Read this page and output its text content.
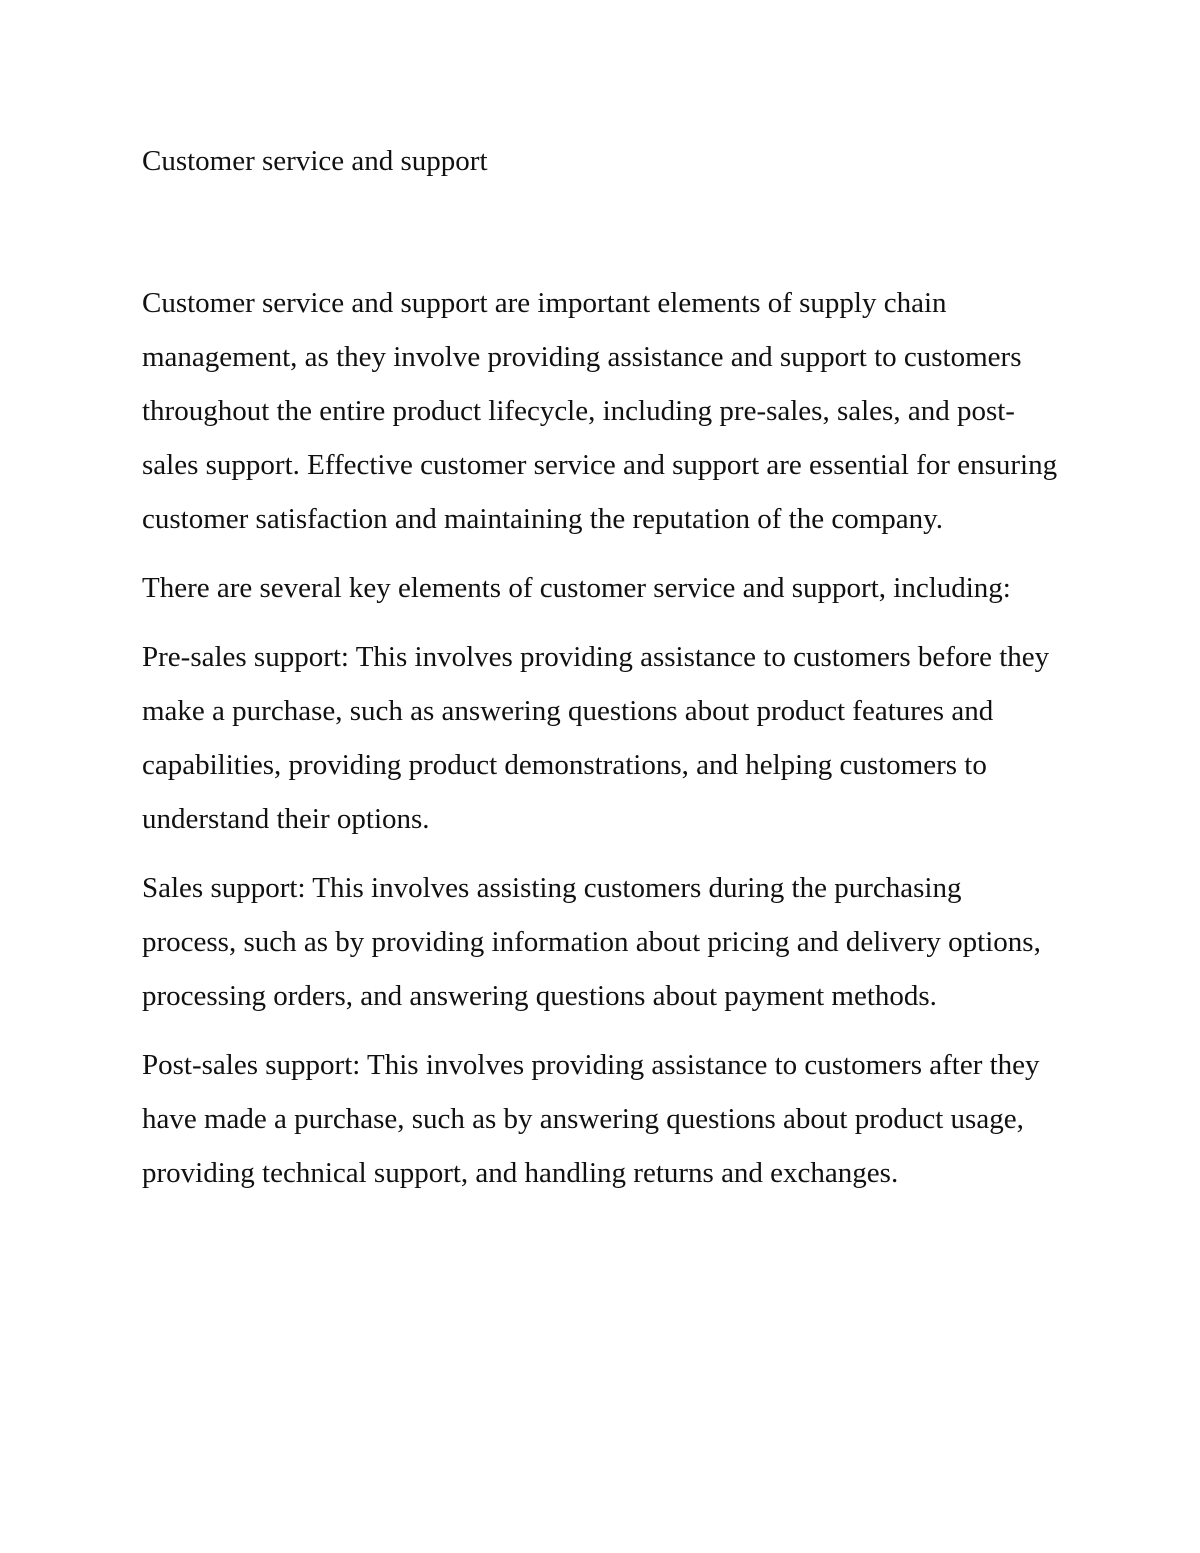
Customer service and support

Customer service and support are important elements of supply chain management, as they involve providing assistance and support to customers throughout the entire product lifecycle, including pre-sales, sales, and post-sales support. Effective customer service and support are essential for ensuring customer satisfaction and maintaining the reputation of the company.

There are several key elements of customer service and support, including:

Pre-sales support: This involves providing assistance to customers before they make a purchase, such as answering questions about product features and capabilities, providing product demonstrations, and helping customers to understand their options.

Sales support: This involves assisting customers during the purchasing process, such as by providing information about pricing and delivery options, processing orders, and answering questions about payment methods.

Post-sales support: This involves providing assistance to customers after they have made a purchase, such as by answering questions about product usage, providing technical support, and handling returns and exchanges.
